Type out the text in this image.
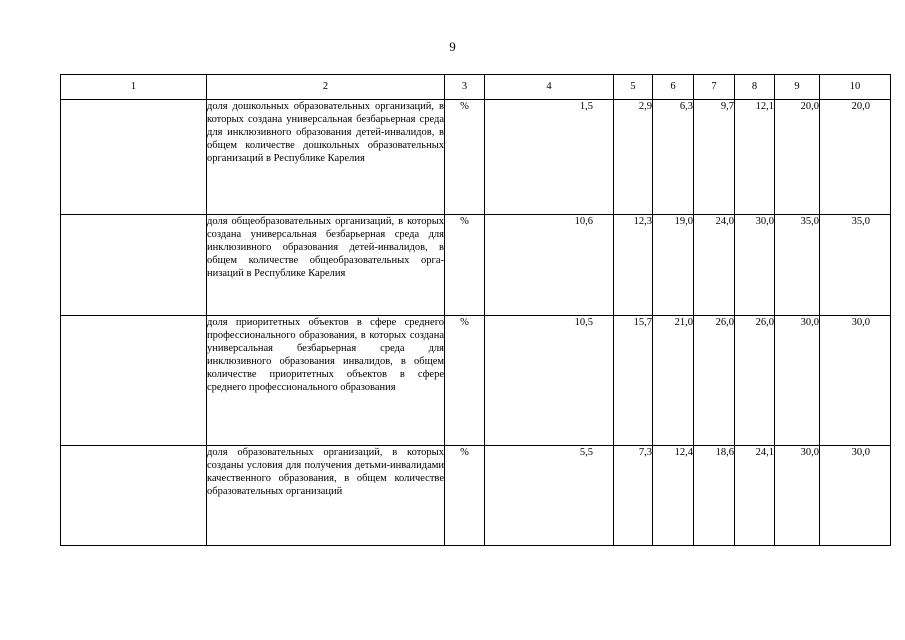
9
1	2	3	4	5	6	7	8	9	10
	доля дошкольных образовательных организаций, в которых создана универсальная безбарьерная среда для инклюзивного образования детей-инвалидов, в общем количестве дошкольных образовательных организаций в Республике Карелия	%	1,5	2,9	6,3	9,7	12,1	20,0	20,0
	доля общеобразовательных организаций, в которых создана универсальная безбарьерная среда для инклюзивного образования детей-инвалидов, в общем количестве общеобразовательных организаций в Республике Карелия	%	10,6	12,3	19,0	24,0	30,0	35,0	35,0
	доля приоритетных объектов в сфере среднего профессионального образования, в которых создана универсальная безбарьерная среда для инклюзивного образования инвалидов, в общем количестве приоритетных объектов в сфере среднего профессионального образования	%	10,5	15,7	21,0	26,0	26,0	30,0	30,0
	доля образовательных организаций, в которых созданы условия для получения детьми-инвалидами качественного образования, в общем количестве образовательных организаций	%	5,5	7,3	12,4	18,6	24,1	30,0	30,0
